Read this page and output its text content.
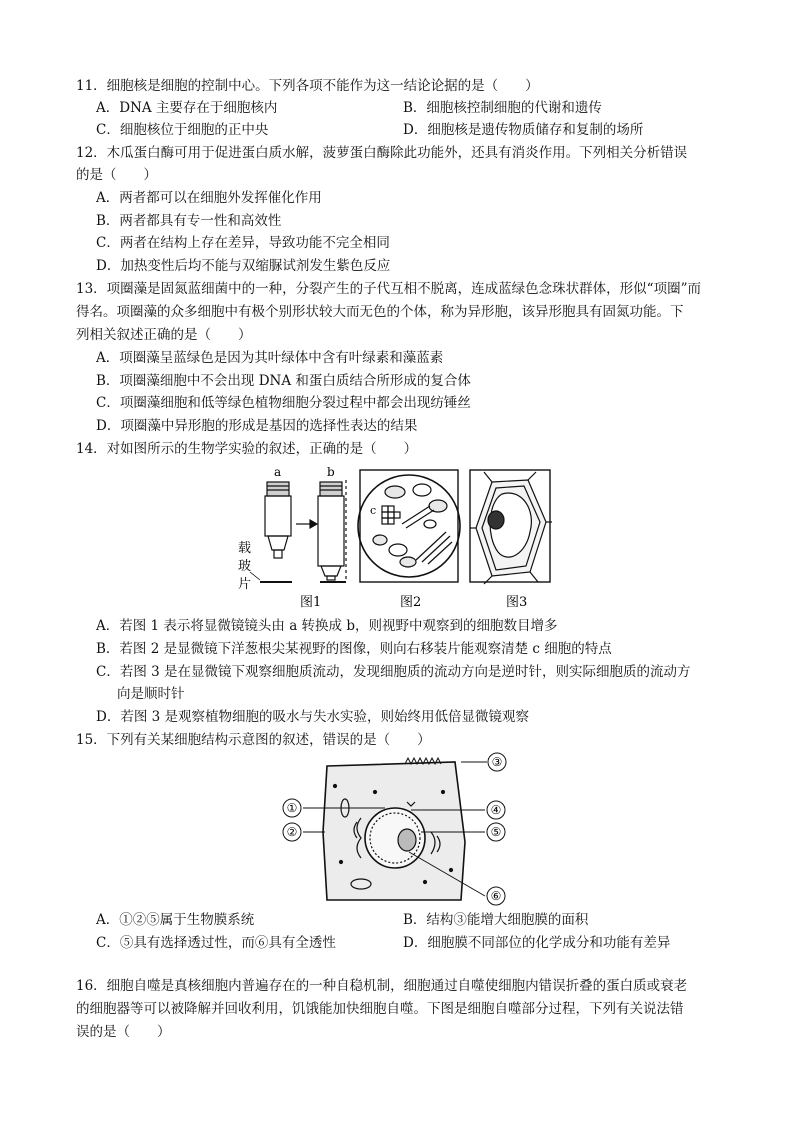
11．细胞核是细胞的控制中心。下列各项不能作为这一结论论据的是（　　）
A．DNA 主要存在于细胞核内	B．细胞核控制细胞的代谢和遗传
C．细胞核位于细胞的正中央	D．细胞核是遗传物质储存和复制的场所
12．木瓜蛋白酶可用于促进蛋白质水解，菠萝蛋白酶除此功能外，还具有消炎作用。下列相关分析错误
的是（　　）
A．两者都可以在细胞外发挥催化作用
B．两者都具有专一性和高效性
C．两者在结构上存在差异，导致功能不完全相同
D．加热变性后均不能与双缩脲试剂发生紫色反应
13．项圈藻是固氮蓝细菌中的一种，分裂产生的子代互相不脱离，连成蓝绿色念珠状群体，形似“项圈”而
得名。项圈藻的众多细胞中有极个别形状较大而无色的个体，称为异形胞，该异形胞具有固氮功能。下
列相关叙述正确的是（　　）
A．项圈藻呈蓝绿色是因为其叶绿体中含有叶绿素和藻蓝素
B．项圈藻细胞中不会出现 DNA 和蛋白质结合所形成的复合体
C．项圈藻细胞和低等绿色植物细胞分裂过程中都会出现纺锤丝
D．项圈藻中异形胞的形成是基因的选择性表达的结果
14．对如图所示的生物学实验的叙述，正确的是（　　）
a	b
载
玻
片
c
图1	图2	图3
A．若图 1 表示将显微镜镜头由 a 转换成 b，则视野中观察到的细胞数目增多
B．若图 2 是显微镜下洋葱根尖某视野的图像，则向右移装片能观察清楚 c 细胞的特点
C．若图 3 是在显微镜下观察细胞质流动，发现细胞质的流动方向是逆时针，则实际细胞质的流动方
向是顺时针
D．若图 3 是观察植物细胞的吸水与失水实验，则始终用低倍显微镜观察
15．下列有关某细胞结构示意图的叙述，错误的是（　　）
③
①
②
④
⑤
⑥
A．①②⑤属于生物膜系统	B．结构③能增大细胞膜的面积
C．⑤具有选择透过性，而⑥具有全透性	D．细胞膜不同部位的化学成分和功能有差异
16．细胞自噬是真核细胞内普遍存在的一种自稳机制，细胞通过自噬使细胞内错误折叠的蛋白质或衰老
的细胞器等可以被降解并回收利用，饥饿能加快细胞自噬。下图是细胞自噬部分过程，下列有关说法错
误的是（　　）
